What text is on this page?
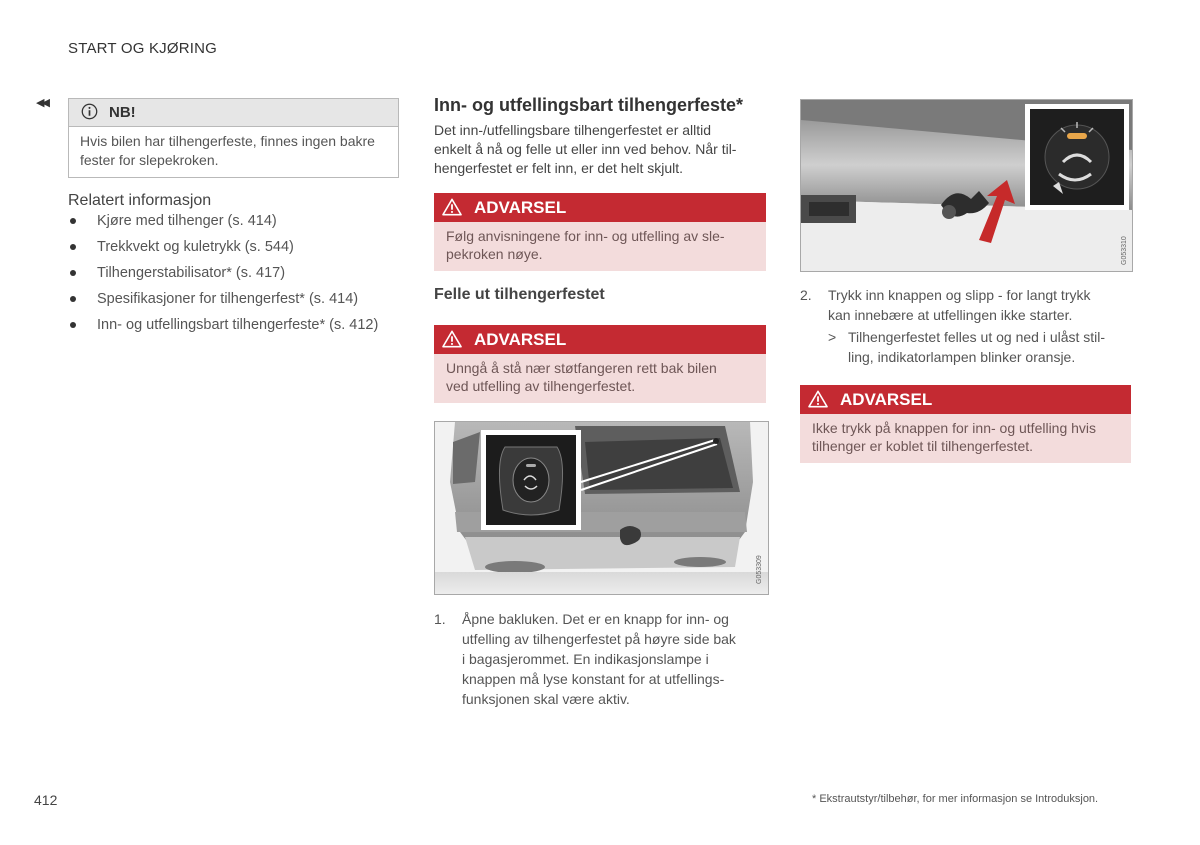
START OG KJØRING
◀◀
NB!
Hvis bilen har tilhengerfeste, finnes ingen bakre fester for slepekroken.
Relatert informasjon
Kjøre med tilhenger (s. 414)
Trekkvekt og kuletrykk (s. 544)
Tilhengerstabilisator* (s. 417)
Spesifikasjoner for tilhengerfest* (s. 414)
Inn- og utfellingsbart tilhengerfeste* (s. 412)
Inn- og utfellingsbart tilhengerfeste*
Det inn-/utfellingsbare tilhengerfestet er alltid
enkelt å nå og felle ut eller inn ved behov. Når til-
hengerfestet er felt inn, er det helt skjult.
ADVARSEL
Følg anvisningene for inn- og utfelling av sle-
pekroken nøye.
Felle ut tilhengerfestet
ADVARSEL
Unngå å stå nær støtfangeren rett bak bilen
ved utfelling av tilhengerfestet.
G053309
1. Åpne bakluken. Det er en knapp for inn- og
utfelling av tilhengerfestet på høyre side bak
i bagasjerommet. En indikasjonslampe i
knappen må lyse konstant for at utfellings-
funksjonen skal være aktiv.
G053310
2. Trykk inn knappen og slipp - for langt trykk
kan innebære at utfellingen ikke starter.
> Tilhengerfestet felles ut og ned i ulåst stil-
ling, indikatorlampen blinker oransje.
ADVARSEL
Ikke trykk på knappen for inn- og utfelling hvis
tilhenger er koblet til tilhengerfestet.
412	* Ekstrautstyr/tilbehør, for mer informasjon se Introduksjon.
